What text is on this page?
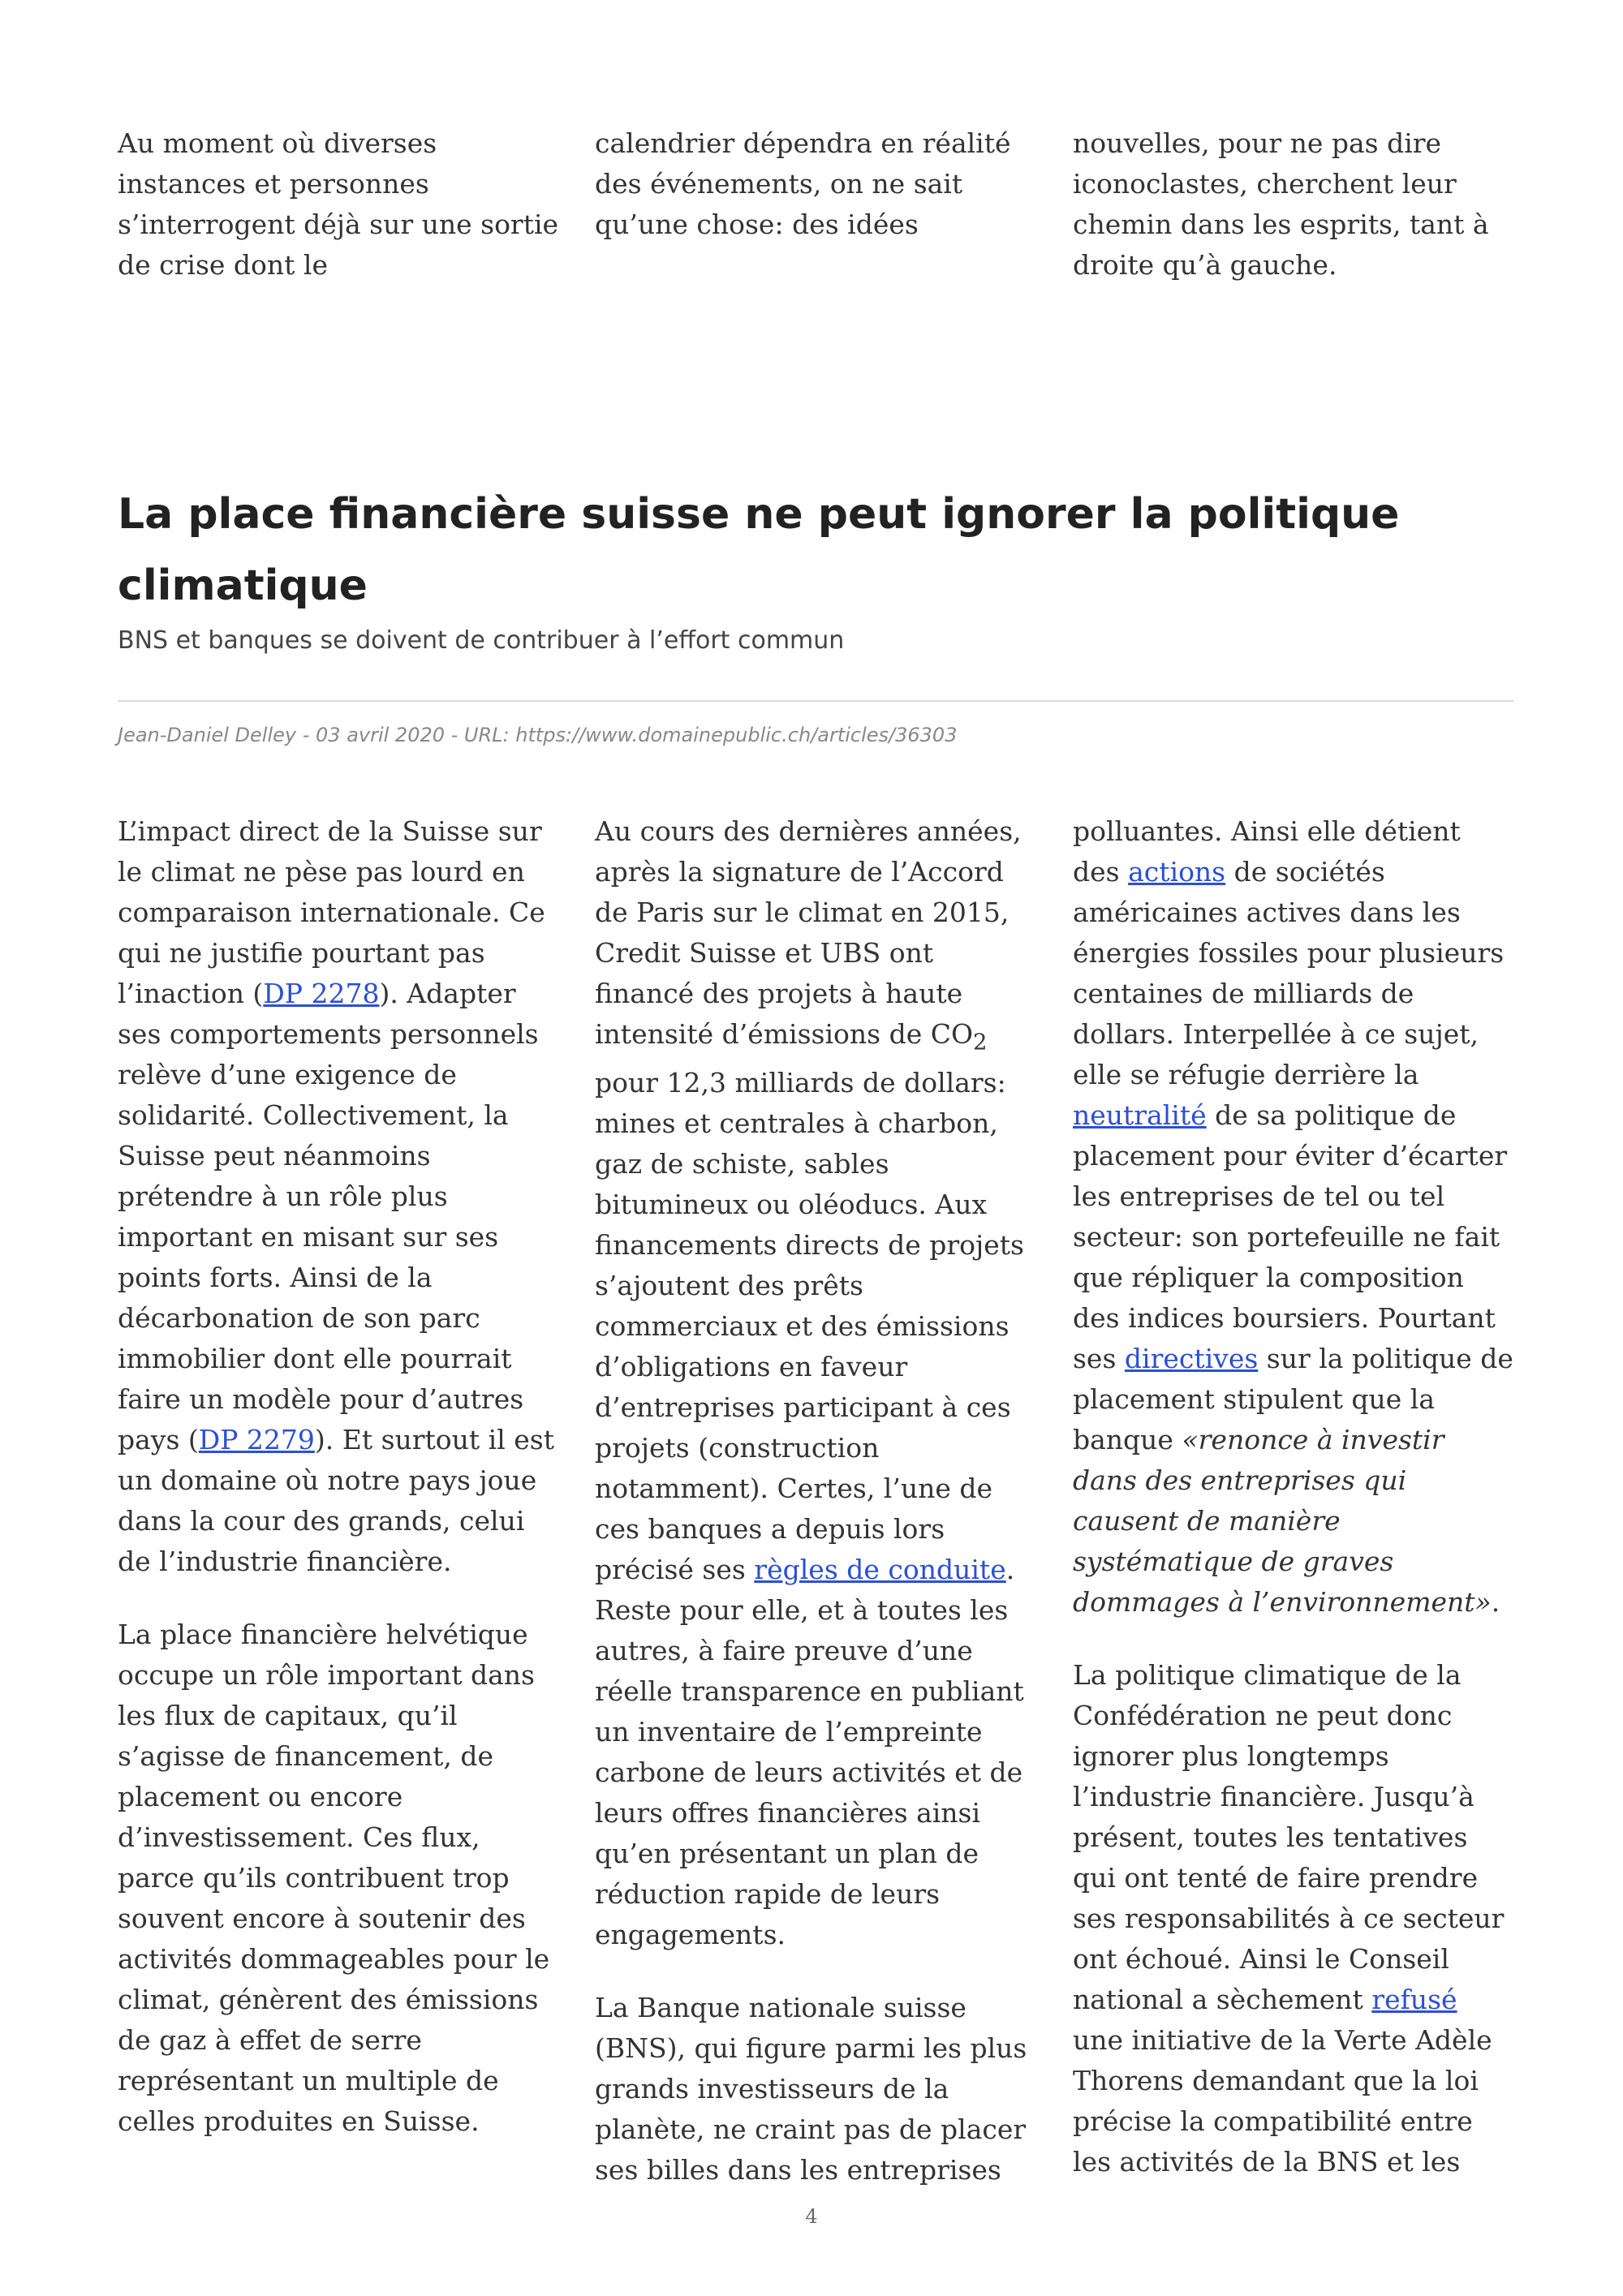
Au moment où diverses instances et personnes s’interrogent déjà sur une sortie de crise dont le

calendrier dépendra en réalité des événements, on ne sait qu’une chose: des idées

nouvelles, pour ne pas dire iconoclastes, cherchent leur chemin dans les esprits, tant à droite qu’à gauche.

La place financière suisse ne peut ignorer la politique climatique
BNS et banques se doivent de contribuer à l’effort commun
Jean-Daniel Delley - 03 avril 2020 - URL: https://www.domainepublic.ch/articles/36303

L’impact direct de la Suisse sur le climat ne pèse pas lourd en comparaison internationale. Ce qui ne justifie pourtant pas l’inaction (DP 2278). Adapter ses comportements personnels relève d’une exigence de solidarité. Collectivement, la Suisse peut néanmoins prétendre à un rôle plus important en misant sur ses points forts. Ainsi de la décarbonation de son parc immobilier dont elle pourrait faire un modèle pour d’autres pays (DP 2279). Et surtout il est un domaine où notre pays joue dans la cour des grands, celui de l’industrie financière.

La place financière helvétique occupe un rôle important dans les flux de capitaux, qu’il s’agisse de financement, de placement ou encore d’investissement. Ces flux, parce qu’ils contribuent trop souvent encore à soutenir des activités dommageables pour le climat, génèrent des émissions de gaz à effet de serre représentant un multiple de celles produites en Suisse.

Au cours des dernières années, après la signature de l’Accord de Paris sur le climat en 2015, Credit Suisse et UBS ont financé des projets à haute intensité d’émissions de $CO_2$ pour 12,3 milliards de dollars: mines et centrales à charbon, gaz de schiste, sables bitumineux ou oléoducs. Aux financements directs de projets s’ajoutent des prêts commerciaux et des émissions d’obligations en faveur d’entreprises participant à ces projets (construction notamment). Certes, l’une de ces banques a depuis lors précisé ses règles de conduite. Reste pour elle, et à toutes les autres, à faire preuve d’une réelle transparence en publiant un inventaire de l’empreinte carbone de leurs activités et de leurs offres financières ainsi qu’en présentant un plan de réduction rapide de leurs engagements.

La Banque nationale suisse (BNS), qui figure parmi les plus grands investisseurs de la planète, ne craint pas de placer ses billes dans les entreprises

polluantes. Ainsi elle détient des actions de sociétés américaines actives dans les énergies fossiles pour plusieurs centaines de milliards de dollars. Interpellée à ce sujet, elle se réfugie derrière la neutralité de sa politique de placement pour éviter d’écarter les entreprises de tel ou tel secteur: son portefeuille ne fait que répliquer la composition des indices boursiers. Pourtant ses directives sur la politique de placement stipulent que la banque «renonce à investir dans des entreprises qui causent de manière systématique de graves dommages à l’environnement».

La politique climatique de la Confédération ne peut donc ignorer plus longtemps l’industrie financière. Jusqu’à présent, toutes les tentatives qui ont tenté de faire prendre ses responsabilités à ce secteur ont échoué. Ainsi le Conseil national a sèchement refusé une initiative de la Verte Adèle Thorens demandant que la loi précise la compatibilité entre les activités de la BNS et les

4
